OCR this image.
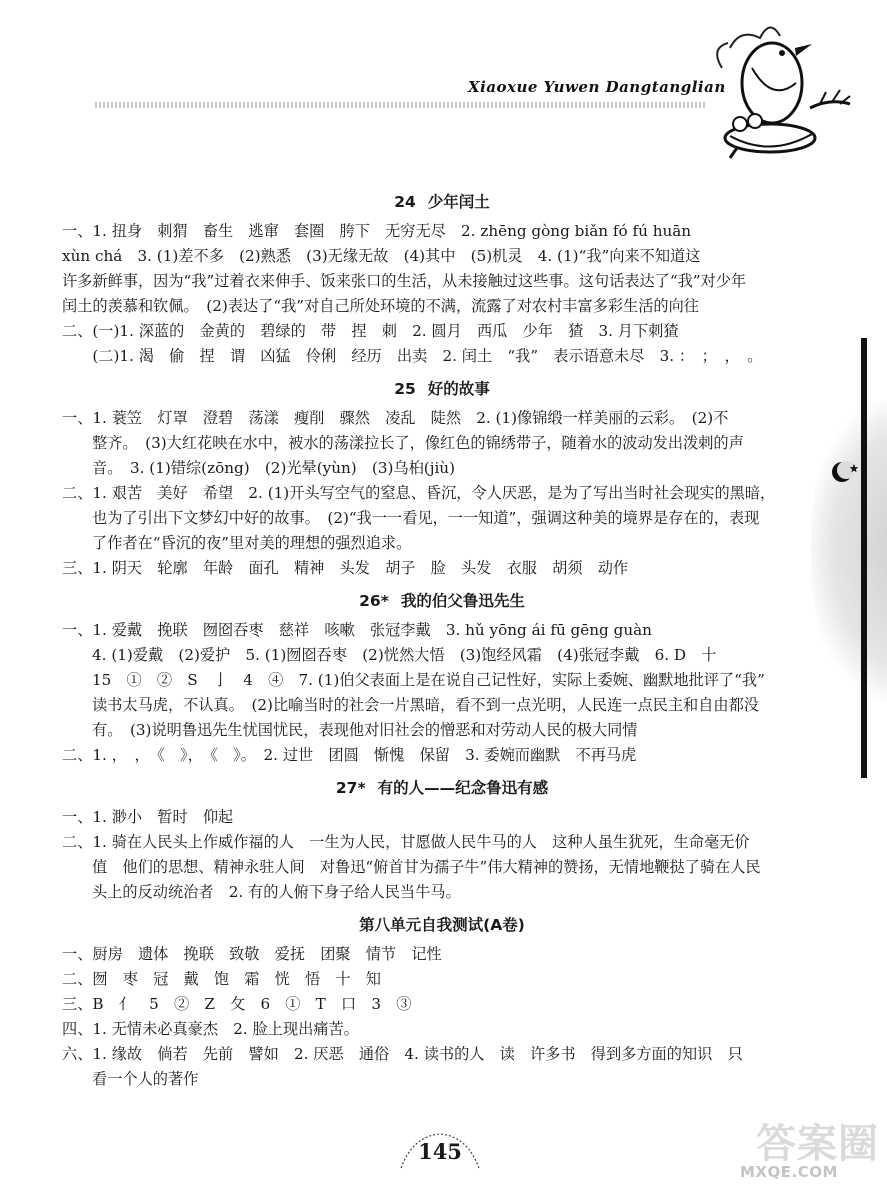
Xiaoxue Yuwen Dangtanglian
24 少年闰土
一、1. 扭身　刺猬　畜生　逃窜　套圈　胯下　无穷无尽　2. zhēng gòng biǎn fó fú huān
xùn chá　3. (1)差不多　(2)熟悉　(3)无缘无故　(4)其中　(5)机灵　4. (1)“我”向来不知道这
许多新鲜事，因为“我”过着衣来伸手、饭来张口的生活，从未接触过这些事。这句话表达了“我”对少年
闰土的羡慕和钦佩。　(2)表达了“我”对自己所处环境的不满，流露了对农村丰富多彩生活的向往
二、(一)1. 深蓝的　金黄的　碧绿的　带　捏　刺　2. 圆月　西瓜　少年　猹　3. 月下刺猹
　　(二)1. 渴　偷　捏　谓　凶猛　伶俐　经历　出卖　2. 闰土　“我”　表示语意未尽　3. ：　；　，　。
25 好的故事
一、1. 蓑笠　灯罩　澄碧　荡漾　瘦削　骤然　凌乱　陡然　2. (1)像锦缎一样美丽的云彩。　(2)不
整齐。　(3)大红花映在水中，被水的荡漾拉长了，像红色的锦绣带子，随着水的波动发出泼剌的声
音。　3. (1)错综(zōng)　(2)光晕(yùn)　(3)乌桕(jiù)
二、1. 艰苦　美好　希望　2. (1)开头写空气的窒息、昏沉，令人厌恶，是为了写出当时社会现实的黑暗，
也为了引出下文梦幻中好的故事。　(2)“我一一看见，一一知道”，强调这种美的境界是存在的，表现
了作者在“昏沉的夜”里对美的理想的强烈追求。
三、1. 阴天　轮廓　年龄　面孔　精神　头发　胡子　脸　头发　衣服　胡须　动作
26* 我的伯父鲁迅先生
一、1. 爱戴　挽联　囫囵吞枣　慈祥　咳嗽　张冠李戴　3. hǔ yōng ái fū gēng guàn
4. (1)爱戴　(2)爱护　5. (1)囫囵吞枣　(2)恍然大悟　(3)饱经风霜　(4)张冠李戴　6. D　十
15　①　②　S　亅　4　④　7. (1)伯父表面上是在说自己记性好，实际上委婉、幽默地批评了“我”
读书太马虎，不认真。　(2)比喻当时的社会一片黑暗，看不到一点光明，人民连一点民主和自由都没
有。　(3)说明鲁迅先生忧国忧民，表现他对旧社会的憎恶和对劳动人民的极大同情
二、1. ，　，　《　》，　《　》。　2. 过世　团圆　惭愧　保留　3. 委婉而幽默　不再马虎
27* 有的人——纪念鲁迅有感
一、1. 渺小　暂时　仰起
二、1. 骑在人民头上作威作福的人　一生为人民，甘愿做人民牛马的人　这种人虽生犹死，生命毫无价
值　他们的思想、精神永驻人间　对鲁迅“俯首甘为孺子牛”伟大精神的赞扬，无情地鞭挞了骑在人民
头上的反动统治者　2. 有的人俯下身子给人民当牛马。
第八单元自我测试(A卷)
一、厨房　遗体　挽联　致敬　爱抚　团聚　情节　记性
二、囫　枣　冠　戴　饱　霜　恍　悟　十　知
三、B　亻　5　②　Z　攵　6　①　T　口　3　③
四、1. 无情未必真豪杰　2. 脸上现出痛苦。
六、1. 缘故　倘若　先前　譬如　2. 厌恶　通俗　4. 读书的人　读　许多书　得到多方面的知识　只
看一个人的著作
145	答案圈
MXQE.COM
